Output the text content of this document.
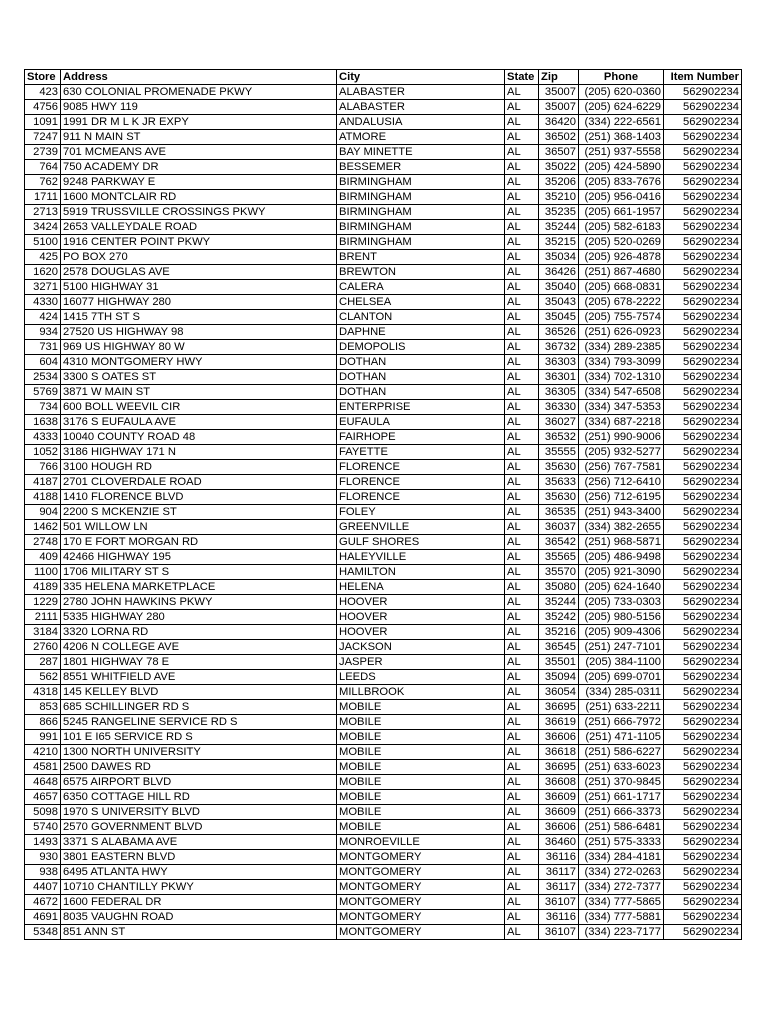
Store	Address	City	State	Zip	Phone	Item Number
423	630 COLONIAL PROMENADE PKWY	ALABASTER	AL	35007	(205) 620-0360	562902234
4756	9085 HWY 119	ALABASTER	AL	35007	(205) 624-6229	562902234
1091	1991 DR M L K JR EXPY	ANDALUSIA	AL	36420	(334) 222-6561	562902234
7247	911 N MAIN ST	ATMORE	AL	36502	(251) 368-1403	562902234
2739	701 MCMEANS AVE	BAY MINETTE	AL	36507	(251) 937-5558	562902234
764	750 ACADEMY DR	BESSEMER	AL	35022	(205) 424-5890	562902234
762	9248 PARKWAY E	BIRMINGHAM	AL	35206	(205) 833-7676	562902234
1711	1600 MONTCLAIR RD	BIRMINGHAM	AL	35210	(205) 956-0416	562902234
2713	5919 TRUSSVILLE CROSSINGS PKWY	BIRMINGHAM	AL	35235	(205) 661-1957	562902234
3424	2653 VALLEYDALE ROAD	BIRMINGHAM	AL	35244	(205) 582-6183	562902234
5100	1916 CENTER POINT PKWY	BIRMINGHAM	AL	35215	(205) 520-0269	562902234
425	PO BOX 270	BRENT	AL	35034	(205) 926-4878	562902234
1620	2578 DOUGLAS AVE	BREWTON	AL	36426	(251) 867-4680	562902234
3271	5100 HIGHWAY 31	CALERA	AL	35040	(205) 668-0831	562902234
4330	16077 HIGHWAY 280	CHELSEA	AL	35043	(205) 678-2222	562902234
424	1415 7TH ST S	CLANTON	AL	35045	(205) 755-7574	562902234
934	27520 US HIGHWAY 98	DAPHNE	AL	36526	(251) 626-0923	562902234
731	969 US HIGHWAY 80 W	DEMOPOLIS	AL	36732	(334) 289-2385	562902234
604	4310 MONTGOMERY HWY	DOTHAN	AL	36303	(334) 793-3099	562902234
2534	3300 S OATES ST	DOTHAN	AL	36301	(334) 702-1310	562902234
5769	3871 W MAIN ST	DOTHAN	AL	36305	(334) 547-6508	562902234
734	600 BOLL WEEVIL CIR	ENTERPRISE	AL	36330	(334) 347-5353	562902234
1638	3176 S EUFAULA AVE	EUFAULA	AL	36027	(334) 687-2218	562902234
4333	10040 COUNTY ROAD 48	FAIRHOPE	AL	36532	(251) 990-9006	562902234
1052	3186 HIGHWAY 171 N	FAYETTE	AL	35555	(205) 932-5277	562902234
766	3100 HOUGH RD	FLORENCE	AL	35630	(256) 767-7581	562902234
4187	2701 CLOVERDALE ROAD	FLORENCE	AL	35633	(256) 712-6410	562902234
4188	1410 FLORENCE BLVD	FLORENCE	AL	35630	(256) 712-6195	562902234
904	2200 S MCKENZIE ST	FOLEY	AL	36535	(251) 943-3400	562902234
1462	501 WILLOW LN	GREENVILLE	AL	36037	(334) 382-2655	562902234
2748	170 E FORT MORGAN RD	GULF SHORES	AL	36542	(251) 968-5871	562902234
409	42466 HIGHWAY 195	HALEYVILLE	AL	35565	(205) 486-9498	562902234
1100	1706 MILITARY ST S	HAMILTON	AL	35570	(205) 921-3090	562902234
4189	335 HELENA MARKETPLACE	HELENA	AL	35080	(205) 624-1640	562902234
1229	2780 JOHN HAWKINS PKWY	HOOVER	AL	35244	(205) 733-0303	562902234
2111	5335 HIGHWAY 280	HOOVER	AL	35242	(205) 980-5156	562902234
3184	3320 LORNA RD	HOOVER	AL	35216	(205) 909-4306	562902234
2760	4206 N COLLEGE AVE	JACKSON	AL	36545	(251) 247-7101	562902234
287	1801 HIGHWAY 78 E	JASPER	AL	35501	(205) 384-1100	562902234
562	8551 WHITFIELD AVE	LEEDS	AL	35094	(205) 699-0701	562902234
4318	145 KELLEY BLVD	MILLBROOK	AL	36054	(334) 285-0311	562902234
853	685 SCHILLINGER RD S	MOBILE	AL	36695	(251) 633-2211	562902234
866	5245 RANGELINE SERVICE RD S	MOBILE	AL	36619	(251) 666-7972	562902234
991	101 E I65 SERVICE RD S	MOBILE	AL	36606	(251) 471-1105	562902234
4210	1300 NORTH UNIVERSITY	MOBILE	AL	36618	(251) 586-6227	562902234
4581	2500 DAWES RD	MOBILE	AL	36695	(251) 633-6023	562902234
4648	6575 AIRPORT BLVD	MOBILE	AL	36608	(251) 370-9845	562902234
4657	6350 COTTAGE HILL RD	MOBILE	AL	36609	(251) 661-1717	562902234
5098	1970 S UNIVERSITY BLVD	MOBILE	AL	36609	(251) 666-3373	562902234
5740	2570 GOVERNMENT BLVD	MOBILE	AL	36606	(251) 586-6481	562902234
1493	3371 S ALABAMA AVE	MONROEVILLE	AL	36460	(251) 575-3333	562902234
930	3801 EASTERN BLVD	MONTGOMERY	AL	36116	(334) 284-4181	562902234
938	6495 ATLANTA HWY	MONTGOMERY	AL	36117	(334) 272-0263	562902234
4407	10710 CHANTILLY PKWY	MONTGOMERY	AL	36117	(334) 272-7377	562902234
4672	1600 FEDERAL DR	MONTGOMERY	AL	36107	(334) 777-5865	562902234
4691	8035 VAUGHN ROAD	MONTGOMERY	AL	36116	(334) 777-5881	562902234
5348	851 ANN ST	MONTGOMERY	AL	36107	(334) 223-7177	562902234
